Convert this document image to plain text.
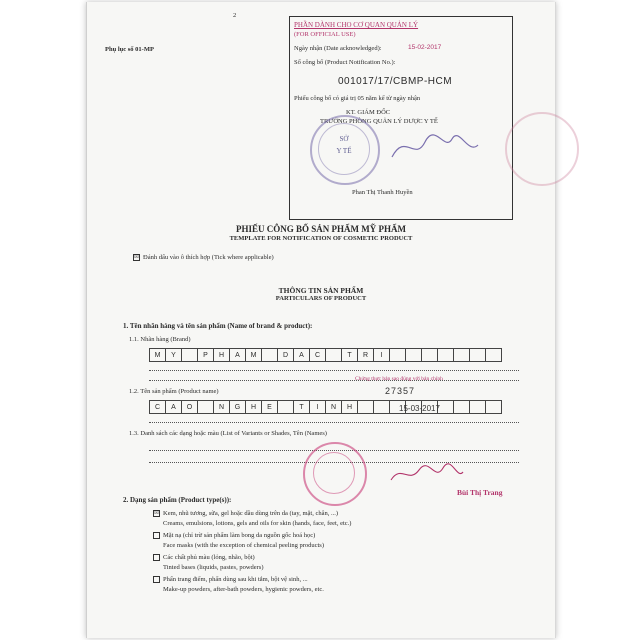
2
Phụ lục số 01-MP
PHẦN DÀNH CHO CƠ QUAN QUẢN LÝ
(FOR OFFICIAL USE)
Ngày nhận (Date acknowledged):	15-02-2017
Số công bố (Product Notification No.):
001017/17/CBMP-HCM
Phiếu công bố có giá trị 05 năm kể từ ngày nhận
KT. GIÁM ĐỐC
TRƯỞNG PHÒNG QUẢN LÝ DƯỢC Y TẾ
SỞ
Y TẾ
Phan Thị Thanh Huyền
PHIẾU CÔNG BỐ SẢN PHẨM MỸ PHẨM
TEMPLATE FOR NOTIFICATION OF COSMETIC PRODUCT
☒ Đánh dấu vào ô thích hợp (Tick where applicable)
THÔNG TIN SẢN PHẨM
PARTICULARS OF PRODUCT
1. Tên nhãn hàng và tên sản phẩm (Name of brand & product):
1.1. Nhãn hàng (Brand)
M	Y	P	H	A	M	D	A	C	T	R	I
1.2. Tên sản phẩm (Product name)
C	A	O	N	G	H	E	T	I	N	H
Chứng thực bản sao đúng với bản chính
27357
15-03-2017
1.3. Danh sách các dạng hoặc màu (List of Variants or Shades, Tên (Names)
Bùi Thị Trang
2. Dạng sản phẩm (Product type(s)):
☒ Kem, nhũ tương, sữa, gel hoặc dầu dùng trên da (tay, mặt, chân, ...)
Creams, emulsions, lotions, gels and oils for skin (hands, face, feet, etc.)
Mặt nạ (chỉ trừ sản phẩm làm bong da nguồn gốc hoá học)
Face masks (with the exception of chemical peeling products)
Các chất phủ màu (lỏng, nhão, bột)
Tinted bases (liquids, pastes, powders)
Phấn trang điểm, phấn dùng sau khi tắm, bột vệ sinh, ...
Make-up powders, after-bath powders, hygienic powders, etc.
